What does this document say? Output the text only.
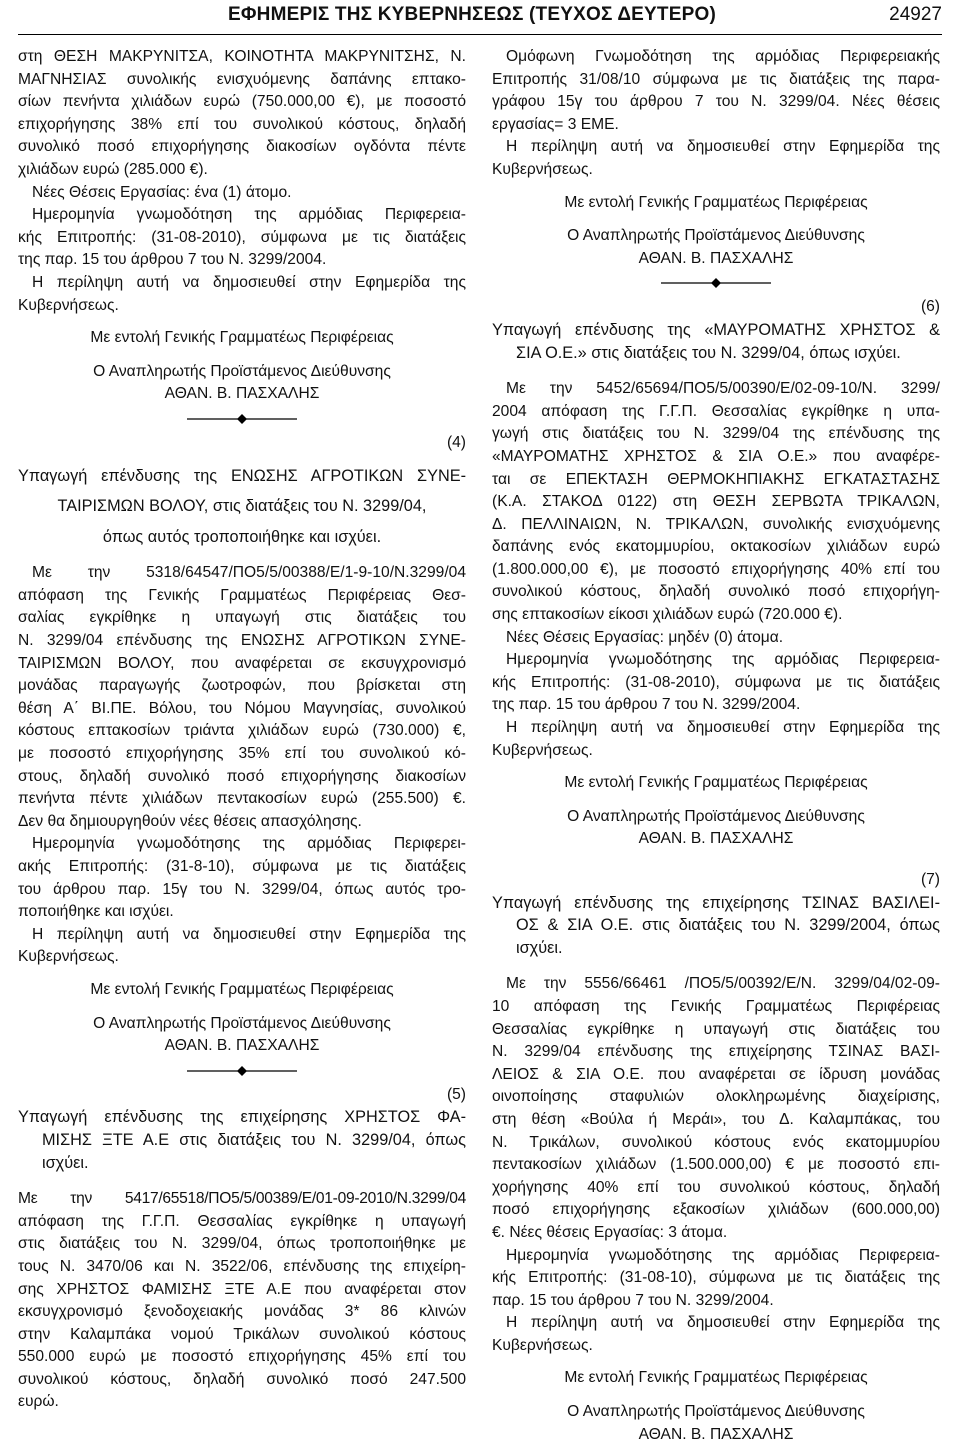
ΕΦΗΜΕΡΙΣ ΤΗΣ ΚΥΒΕΡΝΗΣΕΩΣ (ΤΕΥΧΟΣ ΔΕΥΤΕΡΟ)	24927

στη ΘΕΣΗ ΜΑΚΡΥΝΙΤΣΑ, ΚΟΙΝΟΤΗΤΑ ΜΑΚΡΥΝΙΤΣΗΣ, Ν.

ΜΑΓΝΗΣΙΑΣ συνολικής ενισχυόμενης δαπάνης επτακο-

σίων πενήντα χιλιάδων ευρώ (750.000,00 €), με ποσοστό

επιχορήγησης 38% επί του συνολικού κόστους, δηλαδή

συνολικό ποσό επιχορήγησης διακοσίων ογδόντα πέντε

χιλιάδων ευρώ (285.000 €).

Νέες Θέσεις Εργασίας: ένα (1) άτομο.

Ημερομηνία γνωμοδότηση της αρμόδιας Περιφερεια-

κής Επιτροπής: (31-08-2010), σύμφωνα με τις διατάξεις

της παρ. 15 του άρθρου 7 του Ν. 3299/2004.

Η περίληψη αυτή να δημοσιευθεί στην Εφημερίδα της

Κυβερνήσεως.

Με εντολή Γενικής Γραμματέως Περιφέρειας

Ο Αναπληρωτής Προϊστάμενος Διεύθυνσης

ΑΘΑΝ. Β. ΠΑΣΧΑΛΗΣ

(4)

Υπαγωγή επένδυσης της ΕΝΩΣΗΣ ΑΓΡΟΤΙΚΩΝ ΣΥΝΕ-

ΤΑΙΡΙΣΜΩΝ ΒΟΛΟΥ, στις διατάξεις του Ν. 3299/04,

όπως αυτός τροποποιήθηκε και ισχύει.

Με την 5318/64547/ΠΟ5/5/00388/Ε/1-9-10/Ν.3299/04

απόφαση της Γενικής Γραμματέως Περιφέρειας Θεσ-

σαλίας εγκρίθηκε η υπαγωγή στις διατάξεις του

Ν. 3299/04 επένδυσης της ΕΝΩΣΗΣ ΑΓΡΟΤΙΚΩΝ ΣΥΝΕ-

ΤΑΙΡΙΣΜΩΝ ΒΟΛΟΥ, που αναφέρεται σε εκσυγχρονισμό

μονάδας παραγωγής ζωοτροφών, που βρίσκεται στη

θέση Α΄ ΒΙ.ΠΕ. Βόλου, του Νόμου Μαγνησίας, συνολικού

κόστους επτακοσίων τριάντα χιλιάδων ευρώ (730.000) €,

με ποσοστό επιχορήγησης 35% επί του συνολικού κό-

στους, δηλαδή συνολικό ποσό επιχορήγησης διακοσίων

πενήντα πέντε χιλιάδων πεντακοσίων ευρώ (255.500) €.

Δεν θα δημιουργηθούν νέες θέσεις απασχόλησης.

Ημερομηνία γνωμοδότησης της αρμόδιας Περιφερει-

ακής Επιτροπής: (31-8-10), σύμφωνα με τις διατάξεις

του άρθρου παρ. 15γ του Ν. 3299/04, όπως αυτός τρο-

ποποιήθηκε και ισχύει.

Η περίληψη αυτή να δημοσιευθεί στην Εφημερίδα της

Κυβερνήσεως.

Με εντολή Γενικής Γραμματέως Περιφέρειας

Ο Αναπληρωτής Προϊστάμενος Διεύθυνσης

ΑΘΑΝ. Β. ΠΑΣΧΑΛΗΣ

(5)

Υπαγωγή επένδυσης της επιχείρησης ΧΡΗΣΤΟΣ ΦΑ-

ΜΙΣΗΣ ΞΤΕ Α.Ε στις διατάξεις του Ν. 3299/04, όπως

ισχύει.

Με την 5417/65518/ΠΟ5/5/00389/Ε/01-09-2010/Ν.3299/04

απόφαση της Γ.Γ.Π. Θεσσαλίας εγκρίθηκε η υπαγωγή

στις διατάξεις του Ν. 3299/04, όπως τροποποιήθηκε με

τους Ν. 3470/06 και Ν. 3522/06, επένδυσης της επιχείρη-

σης ΧΡΗΣΤΟΣ ΦΑΜΙΣΗΣ ΞΤΕ Α.Ε που αναφέρεται στον

εκσυγχρονισμό ξενοδοχειακής μονάδας 3* 86 κλινών

στην Καλαμπάκα νομού Τρικάλων συνολικού κόστους

550.000 ευρώ με ποσοστό επιχορήγησης 45% επί του

συνολικού κόστους, δηλαδή συνολικό ποσό 247.500

ευρώ.

Ομόφωνη Γνωμοδότηση της αρμόδιας Περιφερειακής

Επιτροπής 31/08/10 σύμφωνα με τις διατάξεις της παρα-

γράφου 15γ του άρθρου 7 του Ν. 3299/04. Νέες θέσεις

εργασίας= 3 ΕΜΕ.

Η περίληψη αυτή να δημοσιευθεί στην Εφημερίδα της

Κυβερνήσεως.

Με εντολή Γενικής Γραμματέως Περιφέρειας

Ο Αναπληρωτής Προϊστάμενος Διεύθυνσης

ΑΘΑΝ. Β. ΠΑΣΧΑΛΗΣ

(6)

Υπαγωγή επένδυσης της «ΜΑΥΡΟΜΑΤΗΣ ΧΡΗΣΤΟΣ &

ΣΙΑ Ο.Ε.» στις διατάξεις του Ν. 3299/04, όπως ισχύει.

Με την 5452/65694/ΠΟ5/5/00390/Ε/02-09-10/Ν. 3299/

2004 απόφαση της Γ.Γ.Π. Θεσσαλίας εγκρίθηκε η υπα-

γωγή στις διατάξεις του Ν. 3299/04 της επένδυσης της

«ΜΑΥΡΟΜΑΤΗΣ ΧΡΗΣΤΟΣ & ΣΙΑ Ο.Ε.» που αναφέρε-

ται σε ΕΠΕΚΤΑΣΗ ΘΕΡΜΟΚΗΠΙΑΚΗΣ ΕΓΚΑΤΑΣΤΑΣΗΣ

(Κ.Α. ΣΤΑΚΟΔ 0122) στη ΘΕΣΗ ΣΕΡΒΩΤΑ ΤΡΙΚΑΛΩΝ,

Δ. ΠΕΛΛΙΝΑΙΩΝ, Ν. ΤΡΙΚΑΛΩΝ, συνολικής ενισχυόμενης

δαπάνης ενός εκατομμυρίου, οκτακοσίων χιλιάδων ευρώ

(1.800.000,00 €), με ποσοστό επιχορήγησης 40% επί του

συνολικού κόστους, δηλαδή συνολικό ποσό επιχορήγη-

σης επτακοσίων είκοσι χιλιάδων ευρώ (720.000 €).

Νέες Θέσεις Εργασίας: μηδέν (0) άτομα.

Ημερομηνία γνωμοδότησης της αρμόδιας Περιφερεια-

κής Επιτροπής: (31-08-2010), σύμφωνα με τις διατάξεις

της παρ. 15 του άρθρου 7 του Ν. 3299/2004.

Η περίληψη αυτή να δημοσιευθεί στην Εφημερίδα της

Κυβερνήσεως.

Με εντολή Γενικής Γραμματέως Περιφέρειας

Ο Αναπληρωτής Προϊστάμενος Διεύθυνσης

ΑΘΑΝ. Β. ΠΑΣΧΑΛΗΣ

(7)

Υπαγωγή επένδυσης της επιχείρησης ΤΣΙΝΑΣ ΒΑΣΙΛΕΙ-

ΟΣ & ΣΙΑ Ο.Ε. στις διατάξεις του Ν. 3299/2004, όπως

ισχύει.

Με την 5556/66461 /ΠΟ5/5/00392/Ε/Ν. 3299/04/02-09-

10 απόφαση της Γενικής Γραμματέως Περιφέρειας

Θεσσαλίας εγκρίθηκε η υπαγωγή στις διατάξεις του

Ν. 3299/04 επένδυσης της επιχείρησης ΤΣΙΝΑΣ ΒΑΣΙ-

ΛΕΙΟΣ & ΣΙΑ Ο.Ε. που αναφέρεται σε ίδρυση μονάδας

οινοποίησης σταφυλιών ολοκληρωμένης διαχείρισης,

στη θέση «Βούλα ή Μεράι», του Δ. Καλαμπάκας, του

Ν. Τρικάλων, συνολικού κόστους ενός εκατομμυρίου

πεντακοσίων χιλιάδων (1.500.000,00) € με ποσοστό επι-

χορήγησης 40% επί του συνολικού κόστους, δηλαδή

ποσό επιχορήγησης εξακοσίων χιλιάδων (600.000,00)

€. Νέες θέσεις Εργασίας: 3 άτομα.

Ημερομηνία γνωμοδότησης της αρμόδιας Περιφερεια-

κής Επιτροπής: (31-08-10), σύμφωνα με τις διατάξεις της

παρ. 15 του άρθρου 7 του Ν. 3299/2004.

Η περίληψη αυτή να δημοσιευθεί στην Εφημερίδα της

Κυβερνήσεως.

Με εντολή Γενικής Γραμματέως Περιφέρειας

Ο Αναπληρωτής Προϊστάμενος Διεύθυνσης

ΑΘΑΝ. Β. ΠΑΣΧΑΛΗΣ
